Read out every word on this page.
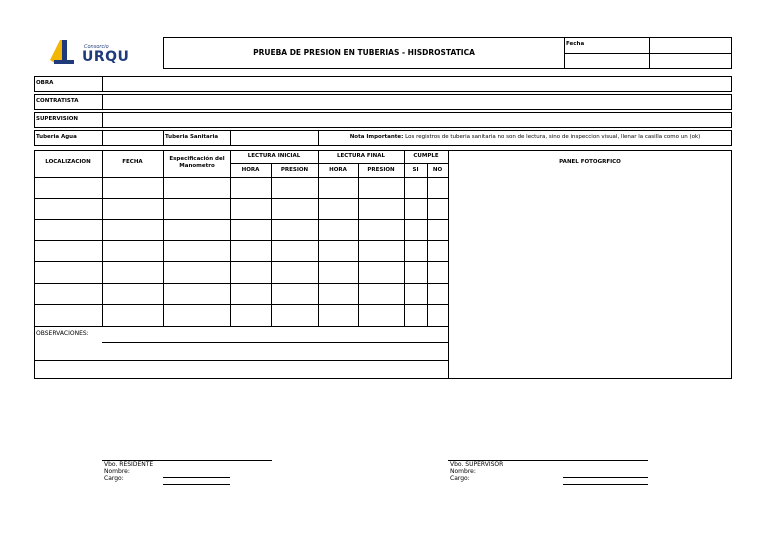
Consorcio
URQU	PRUEBA DE PRESION EN TUBERIAS - HISDROSTATICA
Fecha
OBRA
CONTRATISTA
SUPERVISION
Tuberia Agua	Tuberia Sanitaria	Nota Importante: Los registros de tuberia sanitaria no son de lectura, sino de inspeccion visual, llenar la casilla como un (ok)
LOCALIZACION	FECHA	Especificación del Manometro
LECTURA INICIAL	LECTURA FINAL	CUMPLE
HORA	PRESION	HORA	PRESION	SI	NO
PANEL FOTOGRFICO
OBSERVACIONES:
Vbo. RESIDENTE
Nombre:
Cargo:
Vbo. SUPERVISOR
Nombre:
Cargo:
